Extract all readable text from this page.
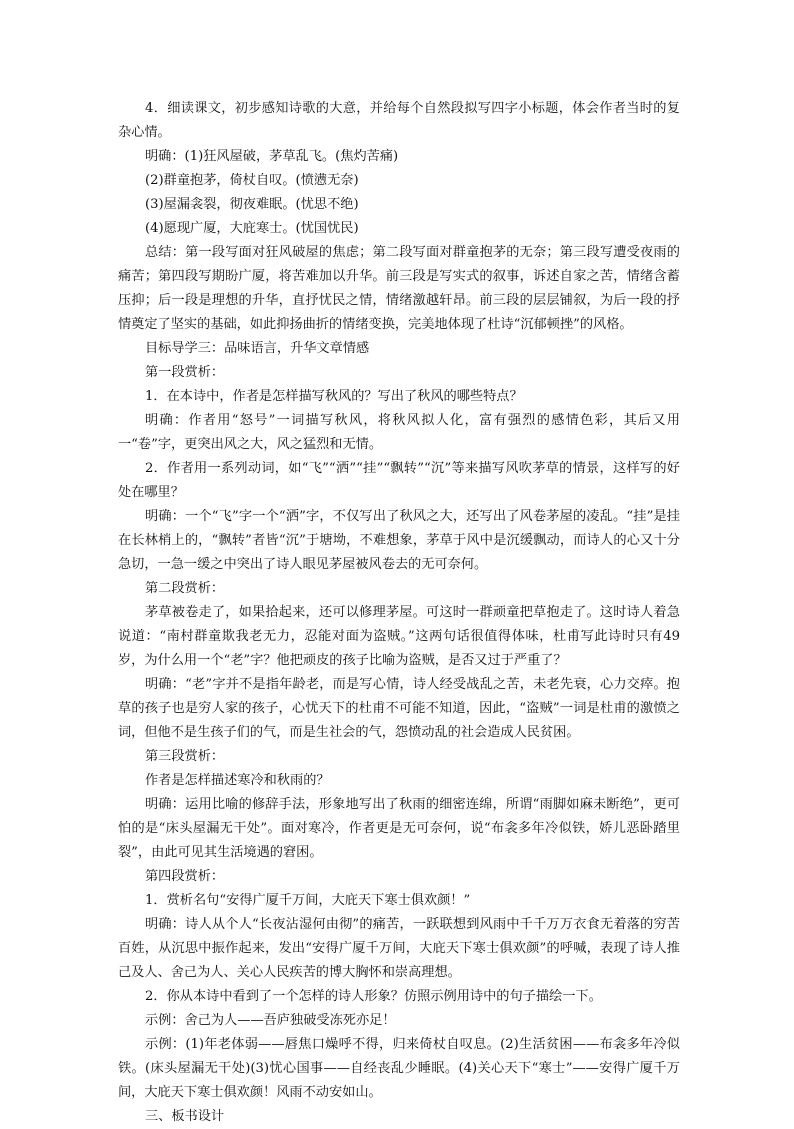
4．细读课文，初步感知诗歌的大意，并给每个自然段拟写四字小标题，体会作者当时的复杂心情。

明确：(1)狂风屋破，茅草乱飞。(焦灼苦痛)

(2)群童抱茅，倚杖自叹。(愤懑无奈)

(3)屋漏衾裂，彻夜难眠。(忧思不绝)

(4)愿现广厦，大庇寒士。(忧国忧民)

总结：第一段写面对狂风破屋的焦虑；第二段写面对群童抱茅的无奈；第三段写遭受夜雨的痛苦；第四段写期盼广厦，将苦难加以升华。前三段是写实式的叙事，诉述自家之苦，情绪含蓄压抑；后一段是理想的升华，直抒忧民之情，情绪激越轩昂。前三段的层层铺叙，为后一段的抒情奠定了坚实的基础，如此抑扬曲折的情绪变换，完美地体现了杜诗“沉郁顿挫”的风格。

目标导学三：品味语言，升华文章情感

第一段赏析：

1．在本诗中，作者是怎样描写秋风的？写出了秋风的哪些特点？

明确：作者用“怒号”一词描写秋风，将秋风拟人化，富有强烈的感情色彩，其后又用一“卷”字，更突出风之大，风之猛烈和无情。

2．作者用一系列动词，如“飞”“洒”“挂”“飘转”“沉”等来描写风吹茅草的情景，这样写的好处在哪里？

明确：一个“飞”字一个“洒”字，不仅写出了秋风之大，还写出了风卷茅屋的凌乱。“挂”是挂在长林梢上的，“飘转”者皆“沉”于塘坳，不难想象，茅草于风中是沉缓飘动，而诗人的心又十分急切，一急一缓之中突出了诗人眼见茅屋被风卷去的无可奈何。

第二段赏析：

茅草被卷走了，如果拾起来，还可以修理茅屋。可这时一群顽童把草抱走了。这时诗人着急说道：“南村群童欺我老无力，忍能对面为盗贼。”这两句话很值得体味，杜甫写此诗时只有49岁，为什么用一个“老”字？他把顽皮的孩子比喻为盗贼，是否又过于严重了？

明确：“老”字并不是指年龄老，而是写心情，诗人经受战乱之苦，未老先衰，心力交瘁。抱草的孩子也是穷人家的孩子，心忧天下的杜甫不可能不知道，因此，“盗贼”一词是杜甫的激愤之词，但他不是生孩子们的气，而是生社会的气，怨愤动乱的社会造成人民贫困。

第三段赏析：

作者是怎样描述寒冷和秋雨的？

明确：运用比喻的修辞手法，形象地写出了秋雨的细密连绵，所谓“雨脚如麻未断绝”，更可怕的是“床头屋漏无干处”。面对寒冷，作者更是无可奈何，说“布衾多年冷似铁，娇儿恶卧踏里裂”，由此可见其生活境遇的窘困。

第四段赏析：

1．赏析名句“安得广厦千万间，大庇天下寒士俱欢颜！”

明确：诗人从个人“长夜沾湿何由彻”的痛苦，一跃联想到风雨中千千万万衣食无着落的穷苦百姓，从沉思中振作起来，发出“安得广厦千万间，大庇天下寒士俱欢颜”的呼喊，表现了诗人推己及人、舍己为人、关心人民疾苦的博大胸怀和崇高理想。

2．你从本诗中看到了一个怎样的诗人形象？仿照示例用诗中的句子描绘一下。

示例：舍己为人——吾庐独破受冻死亦足！

示例：(1)年老体弱——唇焦口燥呼不得，归来倚杖自叹息。(2)生活贫困——布衾多年冷似铁。(床头屋漏无干处)(3)忧心国事——自经丧乱少睡眠。(4)关心天下“寒士”——安得广厦千万间，大庇天下寒士俱欢颜！风雨不动安如山。

三、板书设计
